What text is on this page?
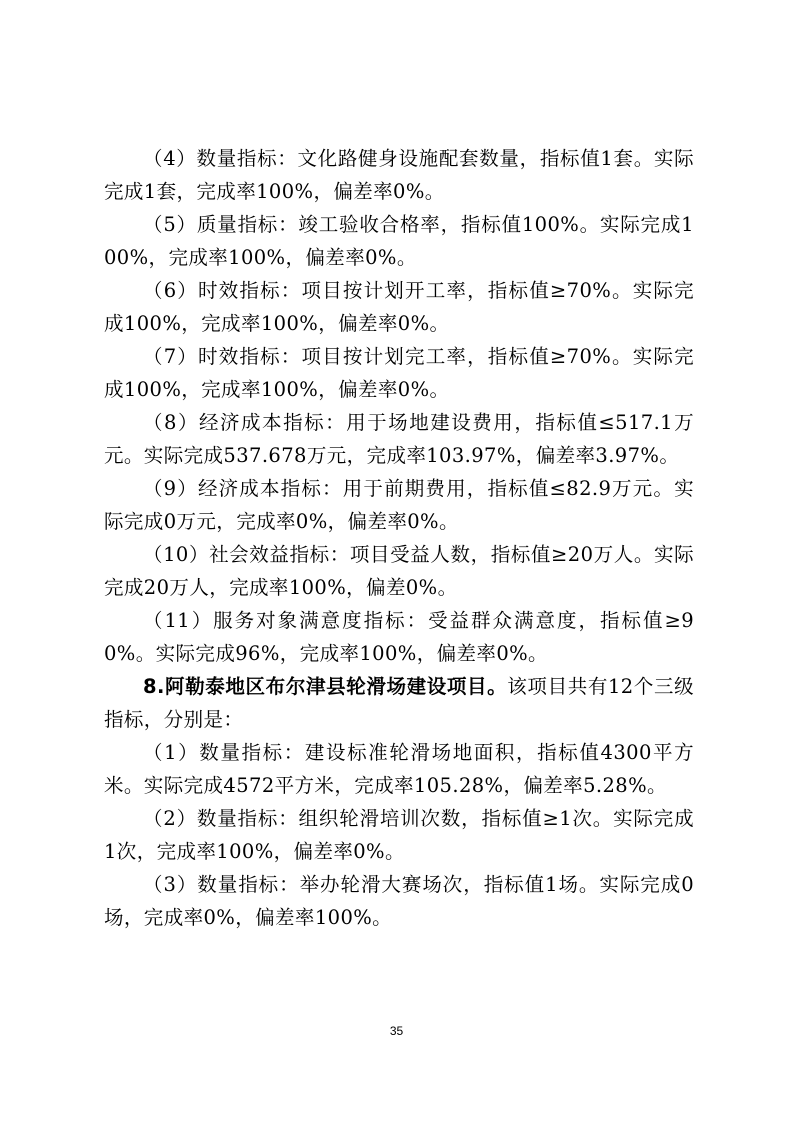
（4）数量指标：文化路健身设施配套数量，指标值1套。实际完成1套，完成率100%，偏差率0%。

（5）质量指标：竣工验收合格率，指标值100%。实际完成100%，完成率100%，偏差率0%。

（6）时效指标：项目按计划开工率，指标值≥70%。实际完成100%，完成率100%，偏差率0%。

（7）时效指标：项目按计划完工率，指标值≥70%。实际完成100%，完成率100%，偏差率0%。

（8）经济成本指标：用于场地建设费用，指标值≤517.1万元。实际完成537.678万元，完成率103.97%，偏差率3.97%。

（9）经济成本指标：用于前期费用，指标值≤82.9万元。实际完成0万元，完成率0%，偏差率0%。

（10）社会效益指标：项目受益人数，指标值≥20万人。实际完成20万人，完成率100%，偏差0%。

（11）服务对象满意度指标：受益群众满意度，指标值≥90%。实际完成96%，完成率100%，偏差率0%。

8.阿勒泰地区布尔津县轮滑场建设项目。该项目共有12个三级指标，分别是：

（1）数量指标：建设标准轮滑场地面积，指标值4300平方米。实际完成4572平方米，完成率105.28%，偏差率5.28%。

（2）数量指标：组织轮滑培训次数，指标值≥1次。实际完成1次，完成率100%，偏差率0%。

（3）数量指标：举办轮滑大赛场次，指标值1场。实际完成0场，完成率0%，偏差率100%。

35
